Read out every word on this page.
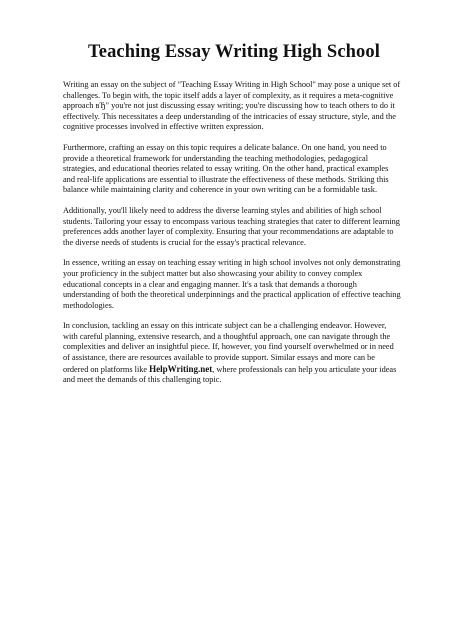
Teaching Essay Writing High School

Writing an essay on the subject of "Teaching Essay Writing in High School" may pose a unique set of challenges. To begin with, the topic itself adds a layer of complexity, as it requires a meta-cognitive approach вЂ" you're not just discussing essay writing; you're discussing how to teach others to do it effectively. This necessitates a deep understanding of the intricacies of essay structure, style, and the cognitive processes involved in effective written expression.

Furthermore, crafting an essay on this topic requires a delicate balance. On one hand, you need to provide a theoretical framework for understanding the teaching methodologies, pedagogical strategies, and educational theories related to essay writing. On the other hand, practical examples and real-life applications are essential to illustrate the effectiveness of these methods. Striking this balance while maintaining clarity and coherence in your own writing can be a formidable task.

Additionally, you'll likely need to address the diverse learning styles and abilities of high school students. Tailoring your essay to encompass various teaching strategies that cater to different learning preferences adds another layer of complexity. Ensuring that your recommendations are adaptable to the diverse needs of students is crucial for the essay's practical relevance.

In essence, writing an essay on teaching essay writing in high school involves not only demonstrating your proficiency in the subject matter but also showcasing your ability to convey complex educational concepts in a clear and engaging manner. It's a task that demands a thorough understanding of both the theoretical underpinnings and the practical application of effective teaching methodologies.

In conclusion, tackling an essay on this intricate subject can be a challenging endeavor. However, with careful planning, extensive research, and a thoughtful approach, one can navigate through the complexities and deliver an insightful piece. If, however, you find yourself overwhelmed or in need of assistance, there are resources available to provide support. Similar essays and more can be ordered on platforms like HelpWriting.net, where professionals can help you articulate your ideas and meet the demands of this challenging topic.
